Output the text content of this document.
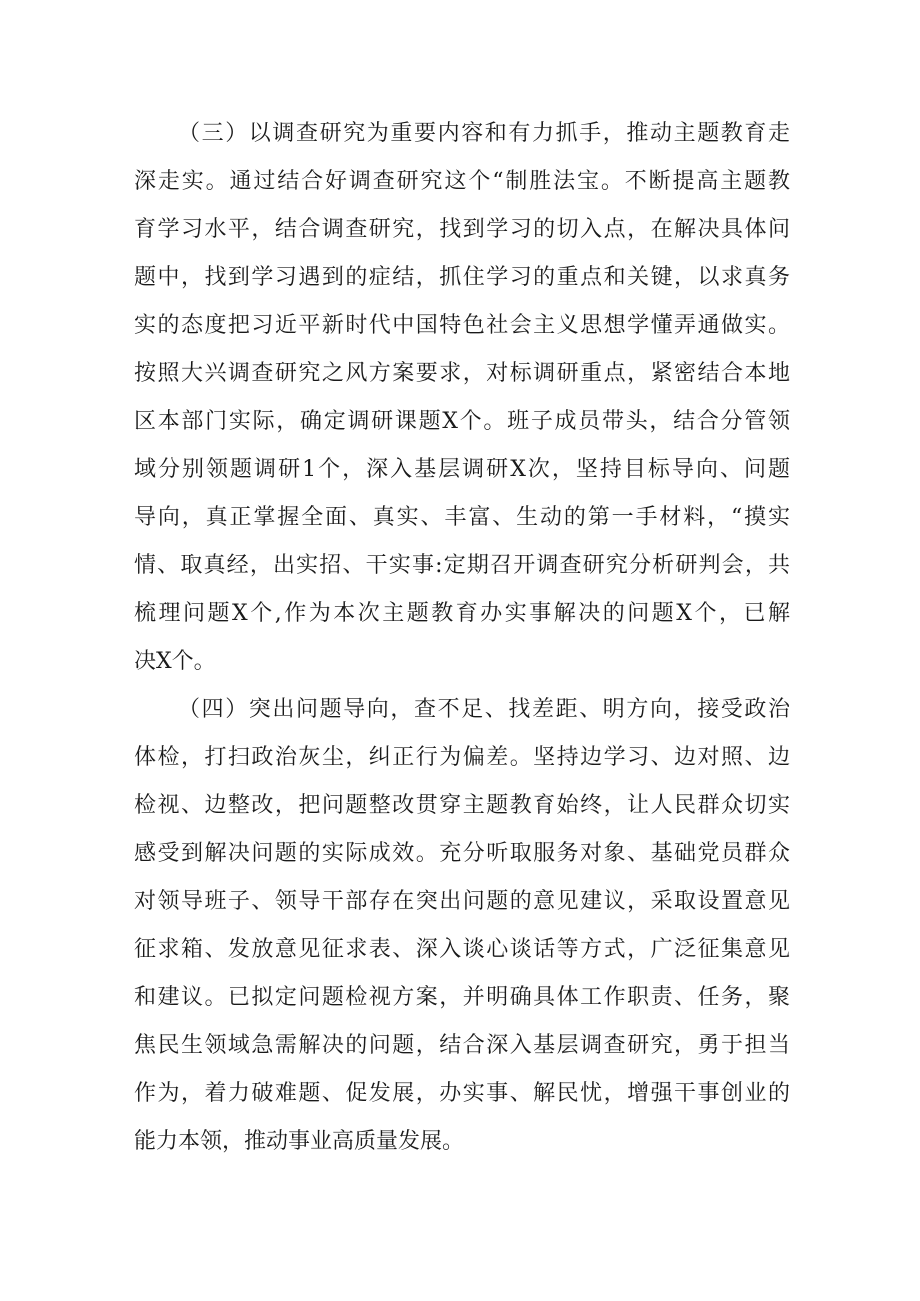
（三）以调查研究为重要内容和有力抓手，推动主题教育走
深走实。通过结合好调查研究这个“制胜法宝。不断提高主题教
育学习水平，结合调查研究，找到学习的切入点，在解决具体问
题中，找到学习遇到的症结，抓住学习的重点和关键，以求真务
实的态度把习近平新时代中国特色社会主义思想学懂弄通做实。
按照大兴调查研究之风方案要求，对标调研重点，紧密结合本地
区本部门实际，确定调研课题X个。班子成员带头，结合分管领
域分别领题调研1个，深入基层调研X次，坚持目标导向、问题
导向，真正掌握全面、真实、丰富、生动的第一手材料，“摸实
情、取真经，出实招、干实事:定期召开调查研究分析研判会，共
梳理问题X个,作为本次主题教育办实事解决的问题X个，已解
决X个。
（四）突出问题导向，查不足、找差距、明方向，接受政治
体检，打扫政治灰尘，纠正行为偏差。坚持边学习、边对照、边
检视、边整改，把问题整改贯穿主题教育始终，让人民群众切实
感受到解决问题的实际成效。充分听取服务对象、基础党员群众
对领导班子、领导干部存在突出问题的意见建议，采取设置意见
征求箱、发放意见征求表、深入谈心谈话等方式，广泛征集意见
和建议。已拟定问题检视方案，并明确具体工作职责、任务，聚
焦民生领域急需解决的问题，结合深入基层调查研究，勇于担当
作为，着力破难题、促发展，办实事、解民忧，增强干事创业的
能力本领，推动事业高质量发展。
